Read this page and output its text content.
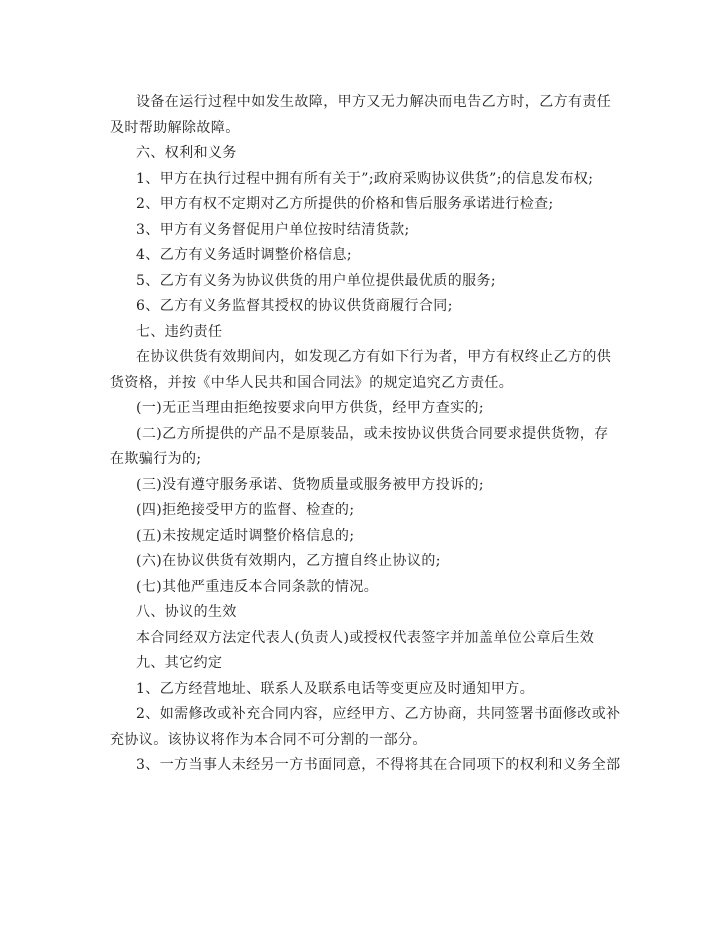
设备在运行过程中如发生故障，甲方又无力解决而电告乙方时，乙方有责任

及时帮助解除故障。

六、权利和义务

1、甲方在执行过程中拥有所有关于”;政府采购协议供货”;的信息发布权;

2、甲方有权不定期对乙方所提供的价格和售后服务承诺进行检查;

3、甲方有义务督促用户单位按时结清货款;

4、乙方有义务适时调整价格信息;

5、乙方有义务为协议供货的用户单位提供最优质的服务;

6、乙方有义务监督其授权的协议供货商履行合同;

七、违约责任

在协议供货有效期间内，如发现乙方有如下行为者，甲方有权终止乙方的供

货资格，并按《中华人民共和国合同法》的规定追究乙方责任。

(一)无正当理由拒绝按要求向甲方供货，经甲方查实的;

(二)乙方所提供的产品不是原装品，或未按协议供货合同要求提供货物，存

在欺骗行为的;

(三)没有遵守服务承诺、货物质量或服务被甲方投诉的;

(四)拒绝接受甲方的监督、检查的;

(五)未按规定适时调整价格信息的;

(六)在协议供货有效期内，乙方擅自终止协议的;

(七)其他严重违反本合同条款的情况。

八、协议的生效

本合同经双方法定代表人(负责人)或授权代表签字并加盖单位公章后生效

九、其它约定

1、乙方经营地址、联系人及联系电话等变更应及时通知甲方。

2、如需修改或补充合同内容，应经甲方、乙方协商，共同签署书面修改或补

充协议。该协议将作为本合同不可分割的一部分。

3、一方当事人未经另一方书面同意，不得将其在合同项下的权利和义务全部
